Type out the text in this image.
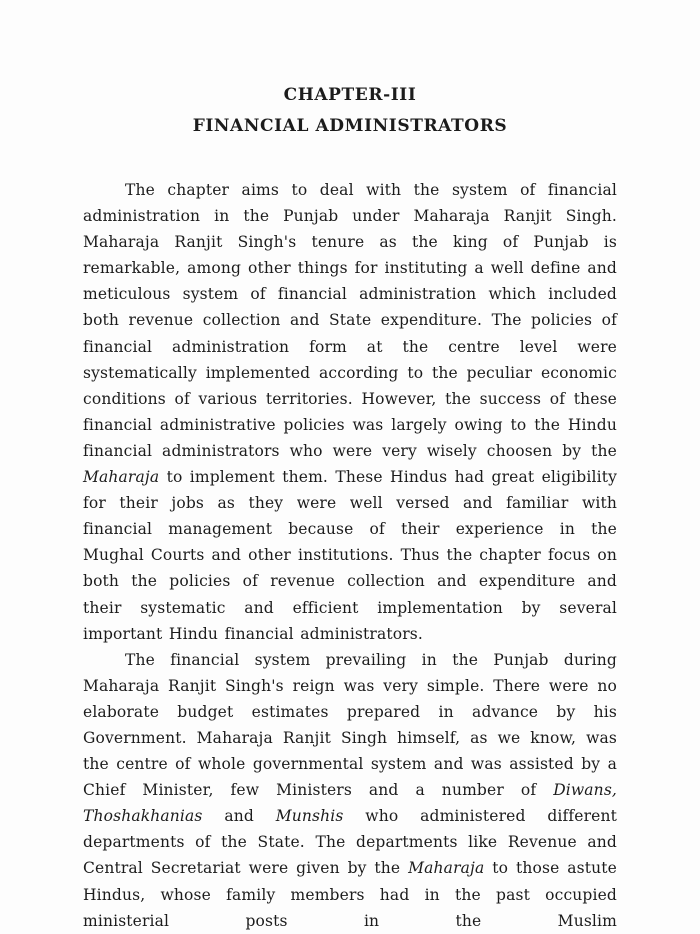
CHAPTER-III
FINANCIAL ADMINISTRATORS

The chapter aims to deal with the system of financial administration in the Punjab under Maharaja Ranjit Singh. Maharaja Ranjit Singh's tenure as the king of Punjab is remarkable, among other things for instituting a well define and meticulous system of financial administration which included both revenue collection and State expenditure. The policies of financial administration form at the centre level were systematically implemented according to the peculiar economic conditions of various territories. However, the success of these financial administrative policies was largely owing to the Hindu financial administrators who were very wisely choosen by the Maharaja to implement them. These Hindus had great eligibility for their jobs as they were well versed and familiar with financial management because of their experience in the Mughal Courts and other institutions. Thus the chapter focus on both the policies of revenue collection and expenditure and their systematic and efficient implementation by several important Hindu financial administrators.

The financial system prevailing in the Punjab during Maharaja Ranjit Singh's reign was very simple. There were no elaborate budget estimates prepared in advance by his Government. Maharaja Ranjit Singh himself, as we know, was the centre of whole governmental system and was assisted by a Chief Minister, few Ministers and a number of Diwans, Thoshakhanias and Munshis who administered different departments of the State. The departments like Revenue and Central Secretariat were given by the Maharaja to those astute Hindus, whose family members had in the past occupied ministerial posts in the Muslim
